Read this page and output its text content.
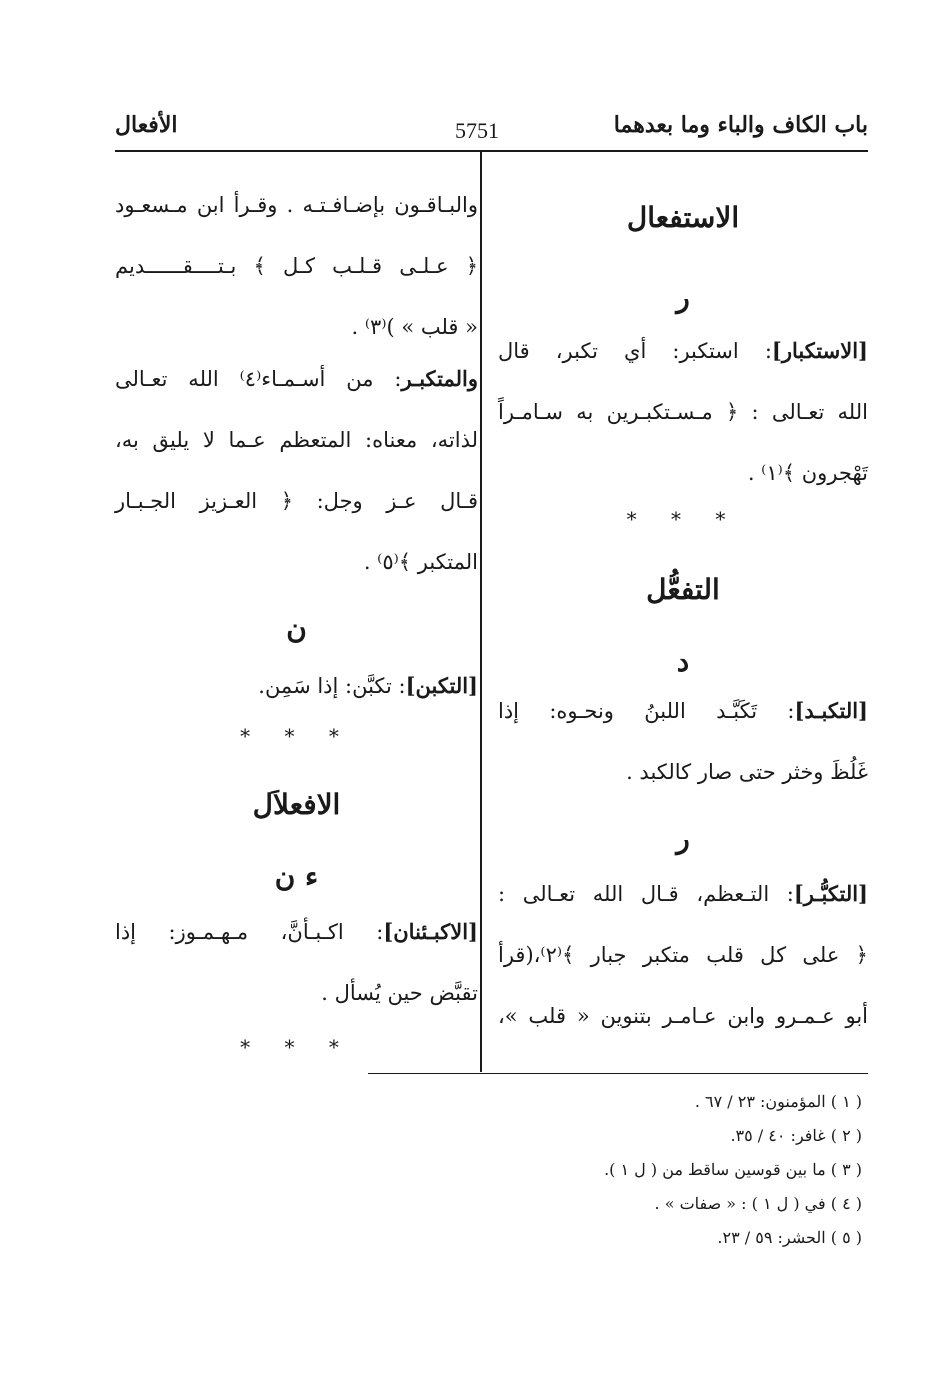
باب الكاف والباء وما بعدهما
5751
الأفعال
الاستفعال
ر
[الاستكبار]: استكبر: أي تكبر، قال
الله تعـالى : ﴿ مـسـتكبـرين به سـامـراً
تَهْجرون ﴾⁽١⁾ .
* * *
التفعُّل
د
[التكبـد]: تَكَبَّـد اللبنُ ونحـوه: إذا
غَلُظَ وخثر حتى صار كالكبد .
ر
[التكبُّـر]: التـعظم، قـال الله تعـالى :
﴿ على كل قلب متكبر جبار ﴾⁽٢⁾،(قرأ
أبو عـمـرو وابن عـامـر بتنوين « قلب »،
والبـاقـون بإضـافـتـه . وقـرأ ابن مـسعـود
﴿ عـلـى قـلـب كـل ﴾ بـتــــقــــــديم
« قلب » )⁽٣⁾ .
والمتكبـر: من أسـمـاء⁽٤⁾ الله تعـالى
لذاته، معناه: المتعظم عـما لا يليق به،
قـال عـز وجل: ﴿ العـزيز الجـبـار
المتكبر ﴾⁽٥⁾ .
ن
[التكبن]: تكبَّن: إذا سَمِن.
* * *
الافعلاَل
ء ن
[الاكبـئنان]: اكـبـأنَّ، مـهـمـوز: إذا
تقبَّض حين يُسأل .
* * *
( ١ ) المؤمنون: ٢٣ / ٦٧ .
( ٢ ) غافر: ٤٠ / ٣٥.
( ٣ ) ما بين قوسين ساقط من ( ل ١ ).
( ٤ ) في ( ل ١ ) : « صفات » .
( ٥ ) الحشر: ٥٩ / ٢٣.
